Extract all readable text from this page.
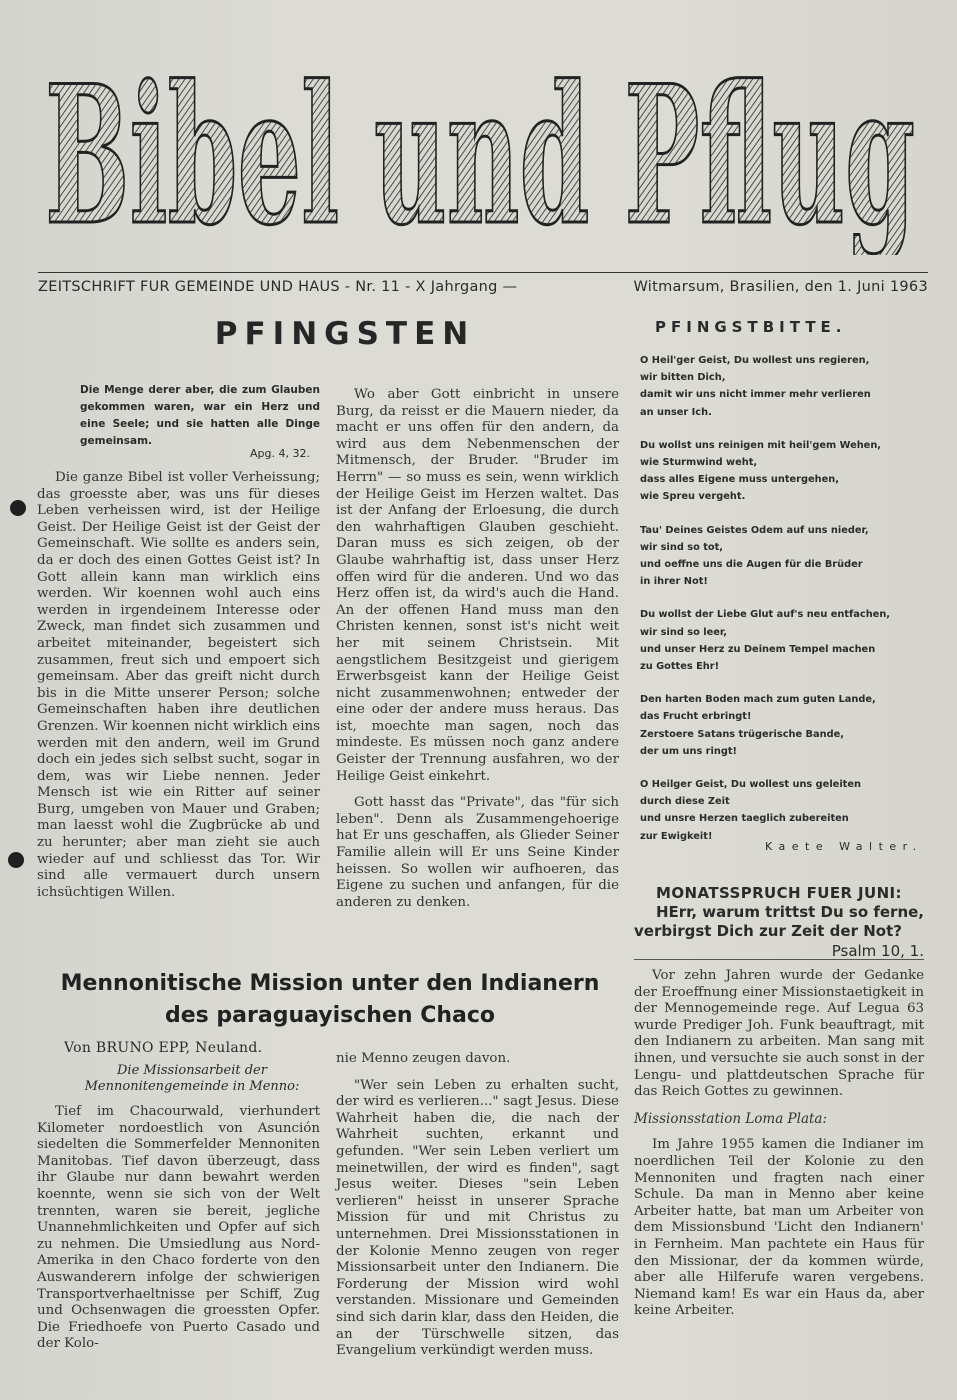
Bibel und Pflug
ZEITSCHRIFT FUR GEMEINDE UND HAUS - Nr. 11 - X Jahrgang —	Witmarsum, Brasilien, den 1. Juni 1963
PFINGSTEN
Die Menge derer aber, die zum Glauben gekommen waren, war ein Herz und eine Seele; und sie hatten alle Dinge gemeinsam.
Apg. 4, 32.

Die ganze Bibel ist voller Verheissung; das groesste aber, was uns für dieses Leben verheissen wird, ist der Heilige Geist. Der Heilige Geist ist der Geist der Gemeinschaft. Wie sollte es anders sein, da er doch des einen Gottes Geist ist? In Gott allein kann man wirklich eins werden. Wir koennen wohl auch eins werden in irgendeinem Interesse oder Zweck, man findet sich zusammen und arbeitet miteinander, begeistert sich zusammen, freut sich und empoert sich gemeinsam. Aber das greift nicht durch bis in die Mitte unserer Person; solche Gemeinschaften haben ihre deutlichen Grenzen. Wir koennen nicht wirklich eins werden mit den andern, weil im Grund doch ein jedes sich selbst sucht, sogar in dem, was wir Liebe nennen. Jeder Mensch ist wie ein Ritter auf seiner Burg, umgeben von Mauer und Graben; man laesst wohl die Zugbrücke ab und zu herunter; aber man zieht sie auch wieder auf und schliesst das Tor. Wir sind alle vermauert durch unsern ichsüchtigen Willen.

Wo aber Gott einbricht in unsere Burg, da reisst er die Mauern nieder, da macht er uns offen für den andern, da wird aus dem Nebenmenschen der Mitmensch, der Bruder. "Bruder im Herrn" — so muss es sein, wenn wirklich der Heilige Geist im Herzen waltet. Das ist der Anfang der Erloesung, die durch den wahrhaftigen Glauben geschieht. Daran muss es sich zeigen, ob der Glaube wahrhaftig ist, dass unser Herz offen wird für die anderen. Und wo das Herz offen ist, da wird's auch die Hand. An der offenen Hand muss man den Christen kennen, sonst ist's nicht weit her mit seinem Christsein. Mit aengstlichem Besitzgeist und gierigem Erwerbsgeist kann der Heilige Geist nicht zusammenwohnen; entweder der eine oder der andere muss heraus. Das ist, moechte man sagen, noch das mindeste. Es müssen noch ganz andere Geister der Trennung ausfahren, wo der Heilige Geist einkehrt.

Gott hasst das "Private", das "für sich leben". Denn als Zusammengehoerige hat Er uns geschaffen, als Glieder Seiner Familie allein will Er uns Seine Kinder heissen. So wollen wir aufhoeren, das Eigene zu suchen und anfangen, für die anderen zu denken.

PFINGSTBITTE.
O Heil'ger Geist, Du wollest uns regieren,
wir bitten Dich,
damit wir uns nicht immer mehr verlieren
an unser Ich.
Du wollst uns reinigen mit heil'gem Wehen,
wie Sturmwind weht,
dass alles Eigene muss untergehen,
wie Spreu vergeht.
Tau' Deines Geistes Odem auf uns nieder,
wir sind so tot,
und oeffne uns die Augen für die Brüder
in ihrer Not!
Du wollst der Liebe Glut auf's neu entfachen,
wir sind so leer,
und unser Herz zu Deinem Tempel machen
zu Gottes Ehr!
Den harten Boden mach zum guten Lande,
das Frucht erbringt!
Zerstoere Satans trügerische Bande,
der um uns ringt!
O Heilger Geist, Du wollest uns geleiten
durch diese Zeit
und unsre Herzen taeglich zubereiten
zur Ewigkeit!
Kaete Walter.
MONATSSPRUCH FUER JUNI:
HErr, warum trittst Du so ferne,
verbirgst Dich zur Zeit der Not?
Psalm 10, 1.
Mennonitische Mission unter den Indianern
des paraguayischen Chaco
Von BRUNO EPP, Neuland.
Die Missionsarbeit der Mennonitengemeinde in Menno:

Tief im Chacourwald, vierhundert Kilometer nordoestlich von Asunción siedelten die Sommerfelder Mennoniten Manitobas. Tief davon überzeugt, dass ihr Glaube nur dann bewahrt werden koennte, wenn sie sich von der Welt trennten, waren sie bereit, jegliche Unannehmlichkeiten und Opfer auf sich zu nehmen. Die Umsiedlung aus Nord-Amerika in den Chaco forderte von den Auswanderern infolge der schwierigen Transportverhaeltnisse per Schiff, Zug und Ochsenwagen die groessten Opfer. Die Friedhoefe von Puerto Casado und der Kolo-

nie Menno zeugen davon.

"Wer sein Leben zu erhalten sucht, der wird es verlieren..." sagt Jesus. Diese Wahrheit haben die, die nach der Wahrheit suchten, erkannt und gefunden. "Wer sein Leben verliert um meinetwillen, der wird es finden", sagt Jesus weiter. Dieses "sein Leben verlieren" heisst in unserer Sprache Mission für und mit Christus zu unternehmen. Drei Missionsstationen in der Kolonie Menno zeugen von reger Missionsarbeit unter den Indianern. Die Forderung der Mission wird wohl verstanden. Missionare und Gemeinden sind sich darin klar, dass den Heiden, die an der Türschwelle sitzen, das Evangelium verkündigt werden muss.

Vor zehn Jahren wurde der Gedanke der Eroeffnung einer Missionstaetigkeit in der Mennogemeinde rege. Auf Legua 63 wurde Prediger Joh. Funk beauftragt, mit den Indianern zu arbeiten. Man sang mit ihnen, und versuchte sie auch sonst in der Lengu- und plattdeutschen Sprache für das Reich Gottes zu gewinnen.

Missionsstation Loma Plata:

Im Jahre 1955 kamen die Indianer im noerdlichen Teil der Kolonie zu den Mennoniten und fragten nach einer Schule. Da man in Menno aber keine Arbeiter hatte, bat man um Arbeiter von dem Missionsbund 'Licht den Indianern' in Fernheim. Man pachtete ein Haus für den Missionar, der da kommen würde, aber alle Hilferufe waren vergebens. Niemand kam! Es war ein Haus da, aber keine Arbeiter.
